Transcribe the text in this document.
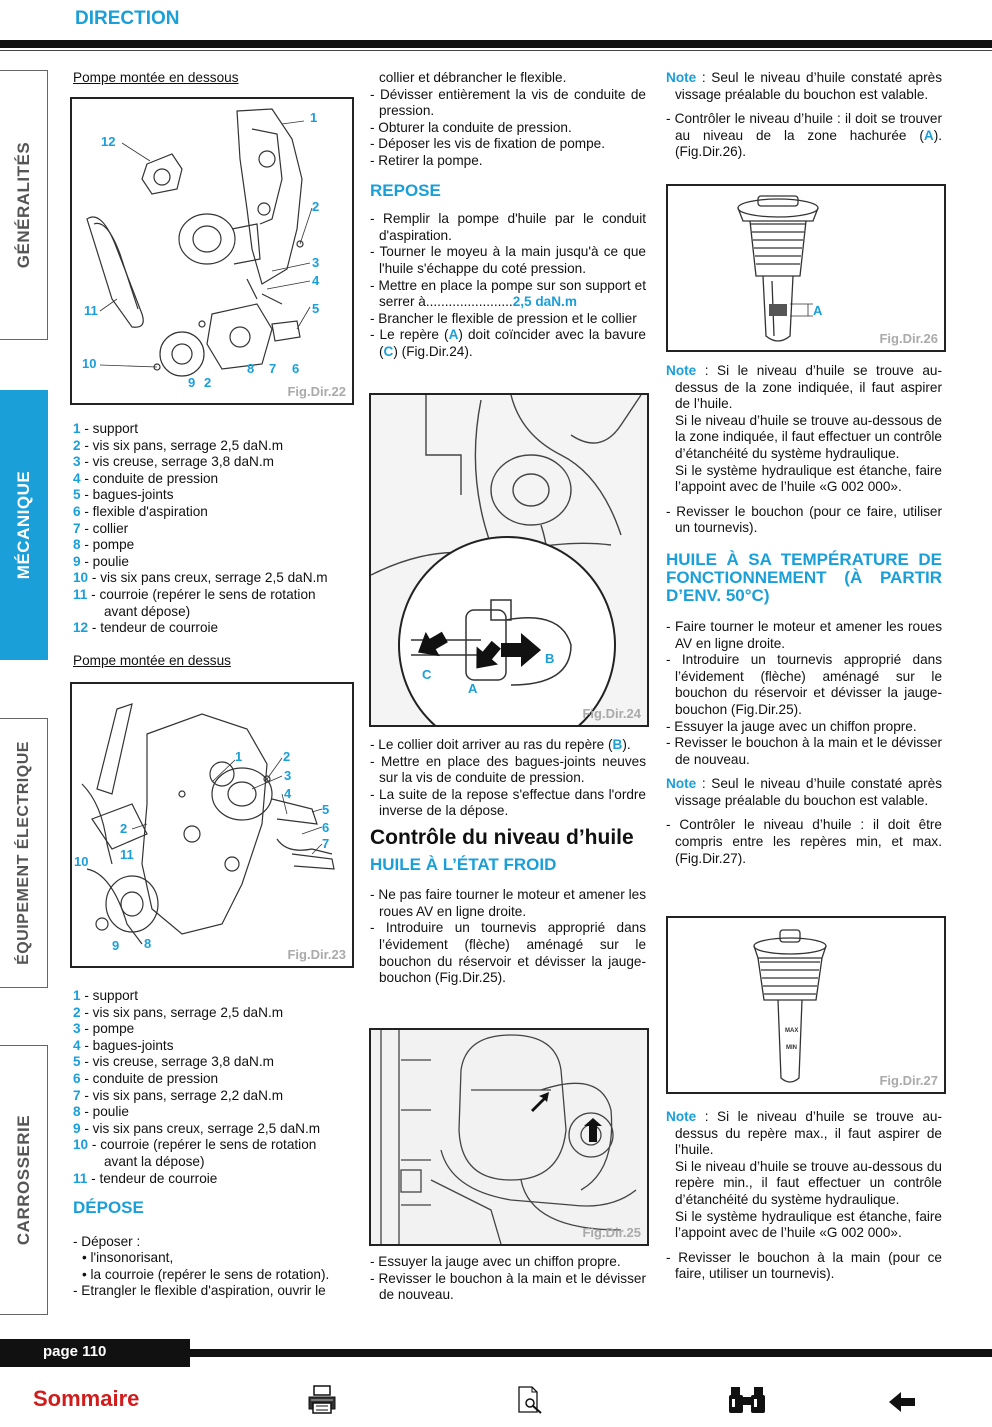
DIRECTION
GÉNÉRALITÉS
MÉCANIQUE
ÉQUIPEMENT ÉLECTRIQUE
CARROSSERIE

Pompe montée en dessous

1
12
2
3
4
5
11
10
9 2
8 7 6
Fig.Dir.22
1 - support
2 - vis six pans, serrage 2,5 daN.m
3 - vis creuse, serrage 3,8 daN.m
4 - conduite de pression
5 - bagues-joints
6 - flexible d'aspiration
7 - collier
8 - pompe
9 - poulie
10 - vis six pans creux, serrage 2,5 daN.m
11 - courroie (repérer le sens de rotation avant dépose)
12 - tendeur de courroie

Pompe montée en dessus

1	2
3
4
5
6
7
2
11
10
9 8
Fig.Dir.23
1 - support
2 - vis six pans, serrage 2,5 daN.m
3 - pompe
4 - bagues-joints
5 - vis creuse, serrage 3,8 daN.m
6 - conduite de pression
7 - vis six pans, serrage 2,2 daN.m
8 - poulie
9 - vis six pans creux, serrage 2,5 daN.m
10 - courroie (repérer le sens de rotation avant la dépose)
11 - tendeur de courroie

DÉPOSE

- Déposer :
• l'insonorisant,
• la courroie (repérer le sens de rotation).
- Etrangler le flexible d'aspiration, ouvrir le
collier et débrancher le flexible.
- Dévisser entièrement la vis de conduite de pression.
- Obturer la conduite de pression.
- Déposer les vis de fixation de pompe.
- Retirer la pompe.

REPOSE

- Remplir la pompe d'huile par le conduit d'aspiration.
- Tourner le moyeu à la main jusqu'à ce que l'huile s'échappe du coté pression.
- Mettre en place la pompe sur son support et serrer à.......................2,5 daN.m
- Brancher le flexible de pression et le collier
- Le repère (A) doit coïncider avec la bavure (C) (Fig.Dir.24).
B
C
A
Fig.Dir.24
- Le collier doit arriver au ras du repère (B).
- Mettre en place des bagues-joints neuves sur la vis de conduite de pression.
- La suite de la repose s'effectue dans l'ordre inverse de la dépose.

Contrôle du niveau d’huile

HUILE À L’ÉTAT FROID

- Ne pas faire tourner le moteur et amener les roues AV en ligne droite.
- Introduire un tournevis approprié dans l’évidement (flèche) aménagé sur le bouchon du réservoir et dévisser la jauge-bouchon (Fig.Dir.25).
Fig.Dir.25
- Essuyer la jauge avec un chiffon propre.
- Revisser le bouchon à la main et le dévisser de nouveau.
Note : Seul le niveau d’huile constaté après vissage préalable du bouchon est valable.
- Contrôler le niveau d’huile : il doit se trouver au niveau de la zone hachurée (A). (Fig.Dir.26).
A
Fig.Dir.26
Note : Si le niveau d’huile se trouve au-dessus de la zone indiquée, il faut aspirer de l’huile.
Si le niveau d’huile se trouve au-dessous de la zone indiquée, il faut effectuer un contrôle d’étanchéité du système hydraulique.
Si le système hydraulique est étanche, faire l’appoint avec de l’huile «G 002 000».
- Revisser le bouchon (pour ce faire, utiliser un tournevis).

HUILE À SA TEMPÉRATURE DE FONCTIONNEMENT (À PARTIR D’ENV. 50°C)

- Faire tourner le moteur et amener les roues AV en ligne droite.
- Introduire un tournevis approprié dans l’évidement (flèche) aménagé sur le bouchon du réservoir et dévisser la jauge-bouchon (Fig.Dir.25).
- Essuyer la jauge avec un chiffon propre.
- Revisser le bouchon à la main et le dévisser de nouveau.
Note : Seul le niveau d’huile constaté après vissage préalable du bouchon est valable.
- Contrôler le niveau d’huile : il doit être compris entre les repères min, et max. (Fig.Dir.27).
MAX
MIN
Fig.Dir.27
Note : Si le niveau d’huile se trouve au-dessus du repère max., il faut aspirer de l’huile.
Si le niveau d’huile se trouve au-dessous du repère min., il faut effectuer un contrôle d’étanchéité du système hydraulique.
Si le système hydraulique est étanche, faire l’appoint avec de l’huile «G 002 000».
- Revisser le bouchon à la main (pour ce faire, utiliser un tournevis).
page 110
Sommaire
